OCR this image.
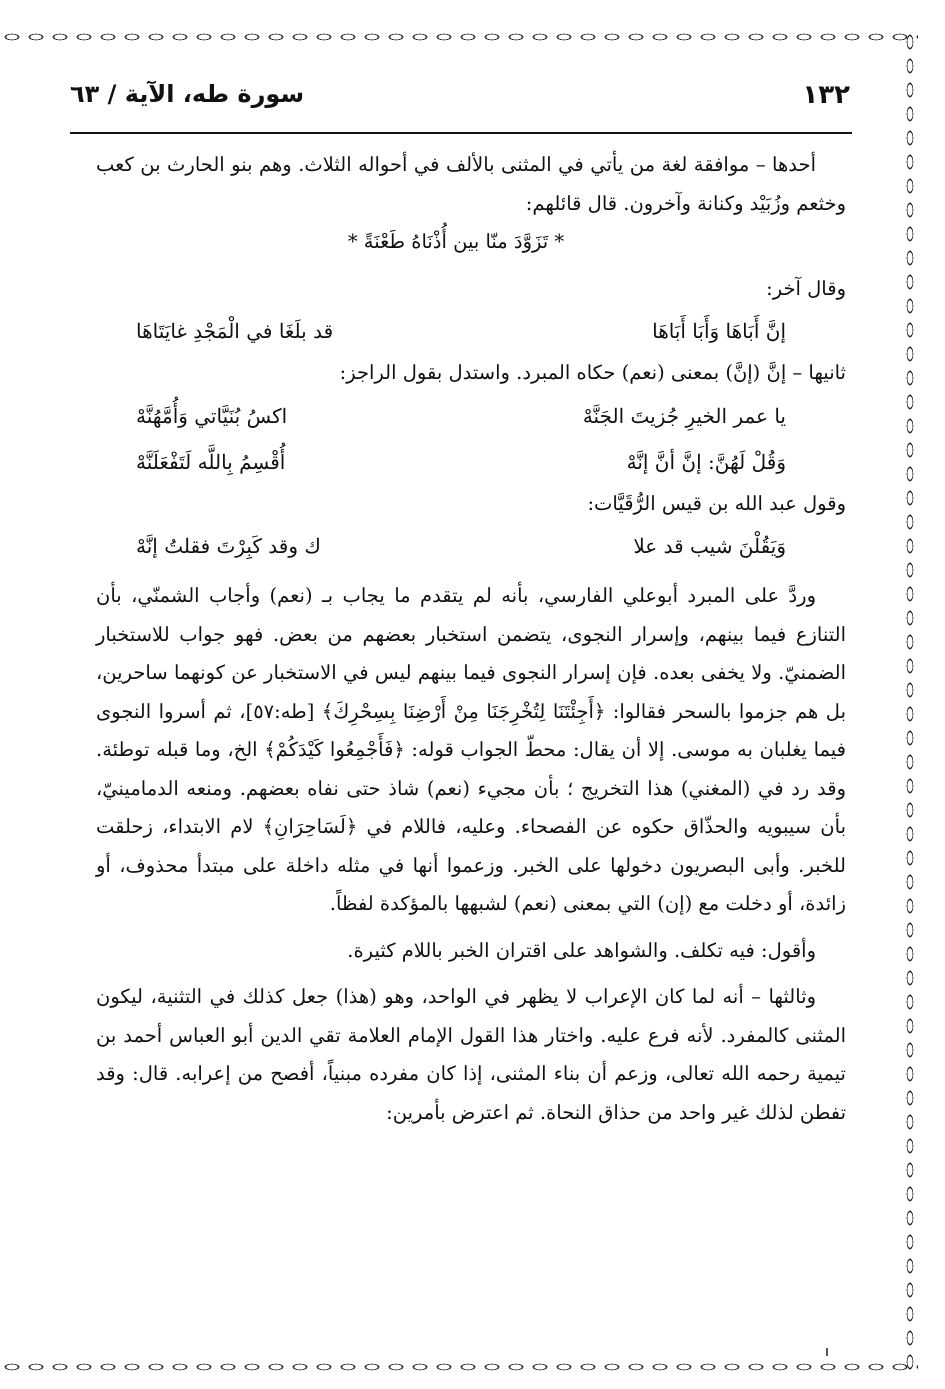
١٣٢
سورة طه، الآية / ٦٣

أحدها – موافقة لغة من يأتي في المثنى بالألف في أحواله الثلاث. وهم بنو الحارث بن كعب وخثعم وزُبَيْد وكنانة وآخرون. قال قائلهم:

* تَزَوَّدَ منّا بين أُذْنَاهُ طَعْنَةً *

وقال آخر:

إنَّ أَبَاهَا وَأَبَا أَبَاهَا
قد بلَغَا في الْمَجْدِ غايَتَاهَا

ثانيها – إنَّ (إنَّ) بمعنى (نعم) حكاه المبرد. واستدل بقول الراجز:

يا عمر الخيرِ جُزيتَ الجَنَّهْ
اكسُ بُنَيَّاتي وَأُمَّهُنَّهْ
وَقُلْ لَهُنَّ: إنَّ أنَّ إنَّهْ
أُقْسِمُ بِاللَّه لَتَفْعَلَنَّهْ

وقول عبد الله بن قيس الرُّقَيَّات:

وَيَقُلْنَ شيب قد علا
ك وقد كَبِرْتَ فقلتُ إنَّهْ

وردَّ على المبرد أبوعلي الفارسي، بأنه لم يتقدم ما يجاب بـ (نعم) وأجاب الشمنّي، بأن التنازع فيما بينهم، وإسرار النجوى، يتضمن استخبار بعضهم من بعض. فهو جواب للاستخبار الضمنيّ. ولا يخفى بعده. فإن إسرار النجوى فيما بينهم ليس في الاستخبار عن كونهما ساحرين، بل هم جزموا بالسحر فقالوا: ﴿أَجِئْتَنَا لِتُخْرِجَنَا مِنْ أَرْضِنَا بِسِحْرِكَ﴾ [طه:٥٧]، ثم أسروا النجوى فيما يغلبان به موسى. إلا أن يقال: محطّ الجواب قوله: ﴿فَأَجْمِعُوا كَيْدَكُمْ﴾ الخ، وما قبله توطئة. وقد رد في (المغني) هذا التخريج ؛ بأن مجيء (نعم) شاذ حتى نفاه بعضهم. ومنعه الدمامينيّ، بأن سيبويه والحذّاق حكوه عن الفصحاء. وعليه، فاللام في ﴿لَسَاحِرَانِ﴾ لام الابتداء، زحلقت للخبر. وأبى البصريون دخولها على الخبر. وزعموا أنها في مثله داخلة على مبتدأ محذوف، أو زائدة، أو دخلت مع (إن) التي بمعنى (نعم) لشبهها بالمؤكدة لفظاً.

وأقول: فيه تكلف. والشواهد على اقتران الخبر باللام كثيرة.

وثالثها – أنه لما كان الإعراب لا يظهر في الواحد، وهو (هذا) جعل كذلك في التثنية، ليكون المثنى كالمفرد. لأنه فرع عليه. واختار هذا القول الإمام العلامة تقي الدين أبو العباس أحمد بن تيمية رحمه الله تعالى، وزعم أن بناء المثنى، إذا كان مفرده مبنياً، أفصح من إعرابه. قال: وقد تفطن لذلك غير واحد من حذاق النحاة. ثم اعترض بأمرين:
